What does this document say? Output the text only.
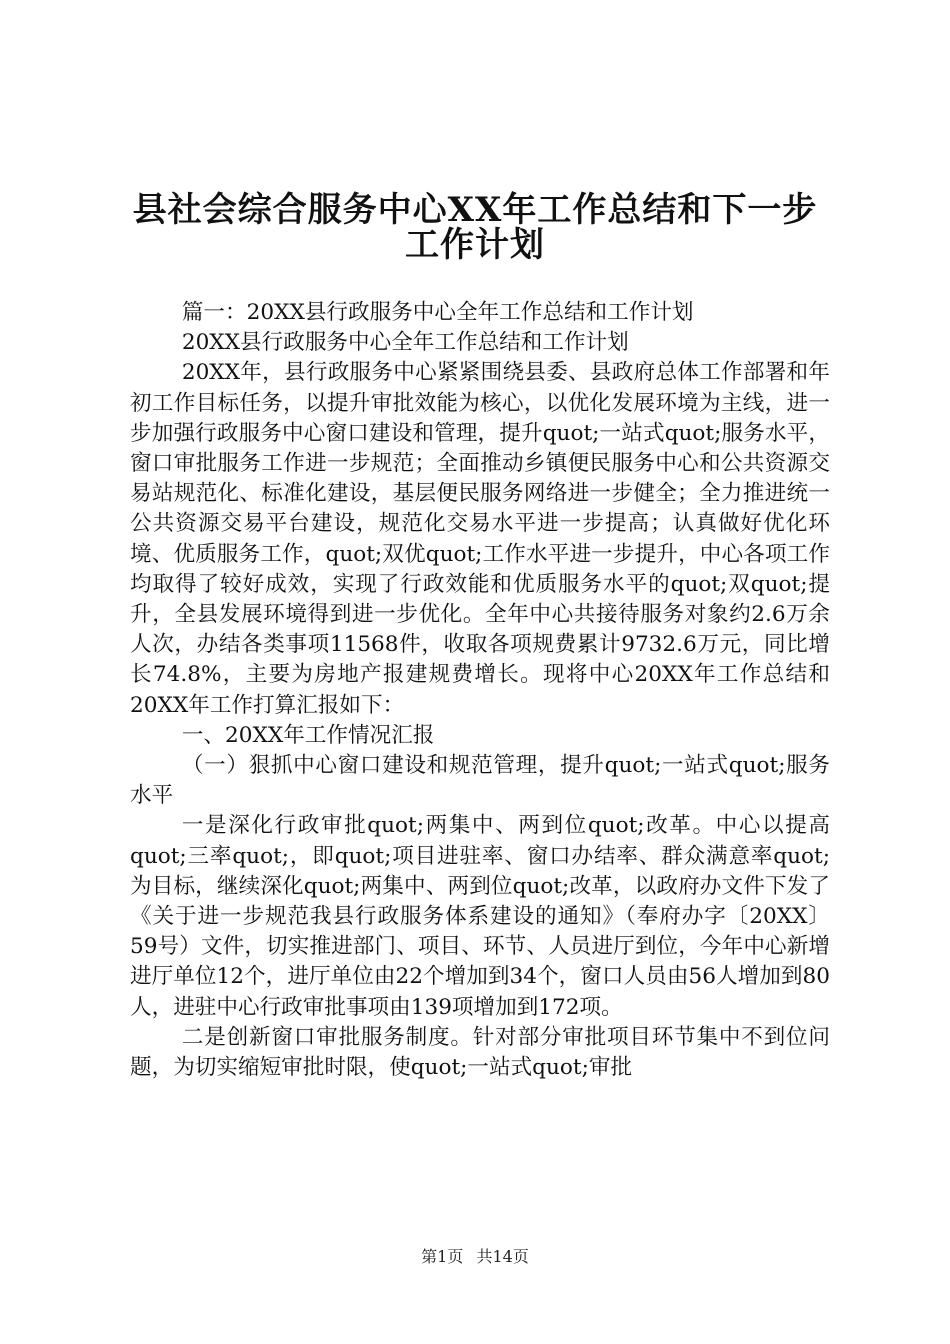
县社会综合服务中心XX年工作总结和下一步
工作计划

篇一：20XX县行政服务中心全年工作总结和工作计划

20XX县行政服务中心全年工作总结和工作计划

20XX年，县行政服务中心紧紧围绕县委、县政府总体工作部署和年初工作目标任务，以提升审批效能为核心，以优化发展环境为主线，进一步加强行政服务中心窗口建设和管理，提升quot;一站式quot;服务水平，窗口审批服务工作进一步规范；全面推动乡镇便民服务中心和公共资源交易站规范化、标准化建设，基层便民服务网络进一步健全；全力推进统一公共资源交易平台建设，规范化交易水平进一步提高；认真做好优化环境、优质服务工作，quot;双优quot;工作水平进一步提升，中心各项工作均取得了较好成效，实现了行政效能和优质服务水平的quot;双quot;提升，全县发展环境得到进一步优化。全年中心共接待服务对象约2.6万余人次，办结各类事项11568件，收取各项规费累计9732.6万元，同比增长74.8%，主要为房地产报建规费增长。现将中心20XX年工作总结和20XX年工作打算汇报如下：

一、20XX年工作情况汇报

（一）狠抓中心窗口建设和规范管理，提升quot;一站式quot;服务水平

一是深化行政审批quot;两集中、两到位quot;改革。中心以提高quot;三率quot;，即quot;项目进驻率、窗口办结率、群众满意率quot;为目标，继续深化quot;两集中、两到位quot;改革，以政府办文件下发了《关于进一步规范我县行政服务体系建设的通知》（奉府办字〔20XX〕59号）文件，切实推进部门、项目、环节、人员进厅到位，今年中心新增进厅单位12个，进厅单位由22个增加到34个，窗口人员由56人增加到80人，进驻中心行政审批事项由139项增加到172项。

二是创新窗口审批服务制度。针对部分审批项目环节集中不到位问题，为切实缩短审批时限，使quot;一站式quot;审批

第1页 共14页
